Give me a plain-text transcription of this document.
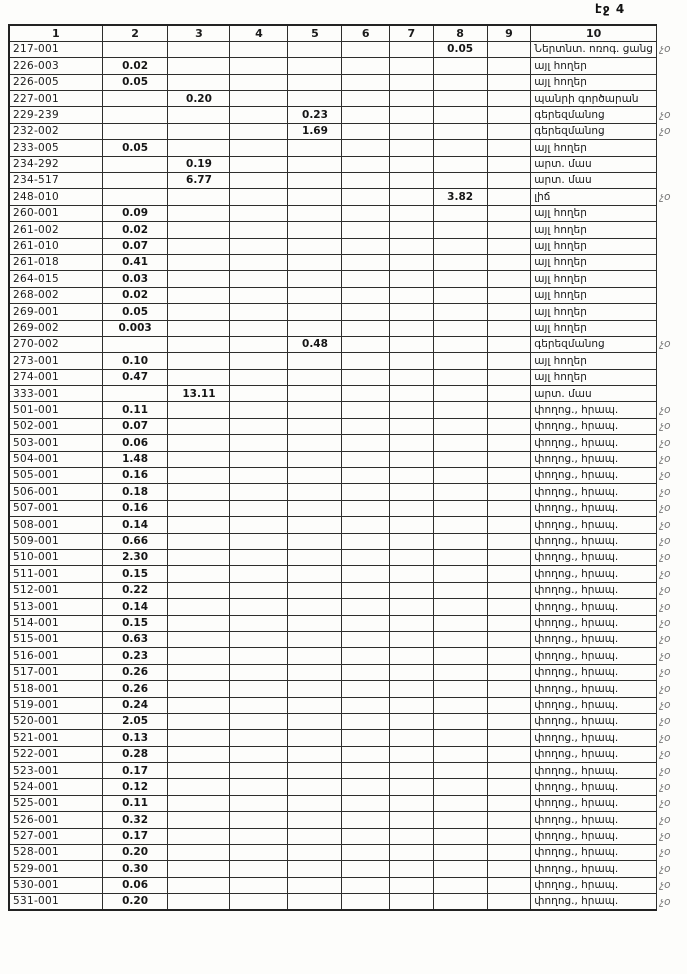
էջ 4
1	2	3	4	5	6	7	8	9	10	
217-001							0.05		Ներտնտ. ոռոգ. ցանց	չօ
226-003	0.02								այլ հողեր	
226-005	0.05								այլ հողեր	
227-001		0.20							պանրի գործարան	
229-239				0.23					գերեզմանոց	չօ
232-002				1.69					գերեզմանոց	չօ
233-005	0.05								այլ հողեր	
234-292		0.19							արտ. մաս	
234-517		6.77							արտ. մաս	
248-010							3.82		լիճ	չօ
260-001	0.09								այլ հողեր	
261-002	0.02								այլ հողեր	
261-010	0.07								այլ հողեր	
261-018	0.41								այլ հողեր	
264-015	0.03								այլ հողեր	
268-002	0.02								այլ հողեր	
269-001	0.05								այլ հողեր	
269-002	0.003								այլ հողեր	
270-002				0.48					գերեզմանոց	չօ
273-001	0.10								այլ հողեր	
274-001	0.47								այլ հողեր	
333-001		13.11							արտ. մաս	
501-001	0.11								փողոց., հրապ.	չօ
502-001	0.07								փողոց., հրապ.	չօ
503-001	0.06								փողոց., հրապ.	չօ
504-001	1.48								փողոց., հրապ.	չօ
505-001	0.16								փողոց., հրապ.	չօ
506-001	0.18								փողոց., հրապ.	չօ
507-001	0.16								փողոց., հրապ.	չօ
508-001	0.14								փողոց., հրապ.	չօ
509-001	0.66								փողոց., հրապ.	չօ
510-001	2.30								փողոց., հրապ.	չօ
511-001	0.15								փողոց., հրապ.	չօ
512-001	0.22								փողոց., հրապ.	չօ
513-001	0.14								փողոց., հրապ.	չօ
514-001	0.15								փողոց., հրապ.	չօ
515-001	0.63								փողոց., հրապ.	չօ
516-001	0.23								փողոց., հրապ.	չօ
517-001	0.26								փողոց., հրապ.	չօ
518-001	0.26								փողոց., հրապ.	չօ
519-001	0.24								փողոց., հրապ.	չօ
520-001	2.05								փողոց., հրապ.	չօ
521-001	0.13								փողոց., հրապ.	չօ
522-001	0.28								փողոց., հրապ.	չօ
523-001	0.17								փողոց., հրապ.	չօ
524-001	0.12								փողոց., հրապ.	չօ
525-001	0.11								փողոց., հրապ.	չօ
526-001	0.32								փողոց., հրապ.	չօ
527-001	0.17								փողոց., հրապ.	չօ
528-001	0.20								փողոց., հրապ.	չօ
529-001	0.30								փողոց., հրապ.	չօ
530-001	0.06								փողոց., հրապ.	չօ
531-001	0.20								փողոց., հրապ.	չօ
